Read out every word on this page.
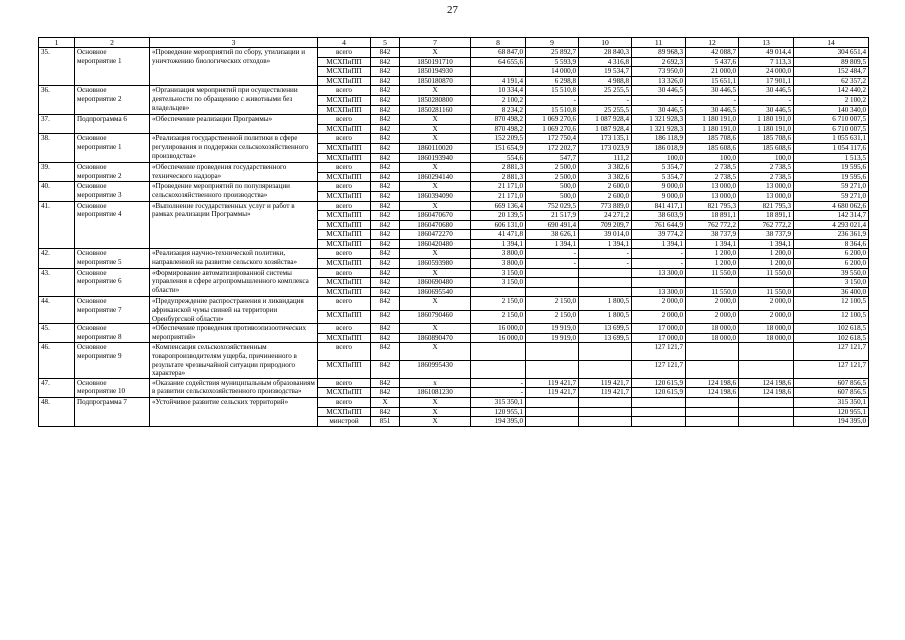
27
1	2	3	4	5	7	8	9	10	11	12	13	14
35.	Основное мероприятие 1	«Проведение мероприятий по сбору, утилизации и уничтожению биологических отходов»	всего	842	Х	68 847,0	25 892,7	28 840,3	89 968,3	42 088,7	49 014,4	304 651,4
			МСХПиПП	842	1850191710	64 655,6	5 593,9	4 316,8	2 692,3	5 437,6	7 113,3	89 809,5
			МСХПиПП	842	1850194930		14 000,0	19 534,7	73 950,0	21 000,0	24 000,0	152 484,7
			МСХПиПП	842	1850180870	4 191,4	6 298,8	4 988,8	13 326,0	15 651,1	17 901,1	62 357,2
36.	Основное мероприятие 2	«Организация мероприятий при осуществлении деятельности по обращению с животными без владельцев»	всего	842	Х	10 334,4	15 510,8	25 255,5	30 446,5	30 446,5	30 446,5	142 440,2
			МСХПиПП	842	1850280800	2 100,2	-	-	-	-	-	2 100,2
			МСХПиПП	842	1850281160	8 234,2	15 510,8	25 255,5	30 446,5	30 446,5	30 446,5	140 340,0
37.	Подпрограмма 6	«Обеспечение реализации Программы»	всего	842	Х	870 498,2	1 069 270,6	1 087 928,4	1 321 928,3	1 180 191,0	1 180 191,0	6 710 007,5
			МСХПиПП	842	Х	870 498,2	1 069 270,6	1 087 928,4	1 321 928,3	1 180 191,0	1 180 191,0	6 710 007,5
38.	Основное мероприятие 1	«Реализация государственной политики в сфере регулирования и поддержки сельскохозяйственного производства»	всего	842	Х	152 209,5	172 750,4	173 135,1	186 118,9	185 708,6	185 708,6	1 055 631,1
			МСХПиПП	842	1860110020	151 654,9	172 202,7	173 023,9	186 018,9	185 608,6	185 608,6	1 054 117,6
			МСХПиПП	842	1860193940	554,6	547,7	111,2	100,0	100,0	100,0	1 513,5
39.	Основное мероприятие 2	«Обеспечение проведения государственного технического надзора»	всего	842	Х	2 881,3	2 500,0	3 382,6	5 354,7	2 738,5	2 738,5	19 595,6
			МСХПиПП	842	1860294140	2 881,3	2 500,0	3 382,6	5 354,7	2 738,5	2 738,5	19 595,6
40.	Основное мероприятие 3	«Проведение мероприятий по популяризации сельскохозяйственного производства»	всего	842	Х	21 171,0	500,0	2 600,0	9 000,0	13 000,0	13 000,0	59 271,0
			МСХПиПП	842	1860394090	21 171,0	500,0	2 600,0	9 000,0	13 000,0	13 000,0	59 271,0
41.	Основное мероприятие 4	«Выполнение государственных услуг и работ в рамках реализации Программы»	всего	842	Х	669 136,4	752 029,5	773 889,0	841 417,1	821 795,3	821 795,3	4 680 062,6
			МСХПиПП	842	1860470670	20 139,5	21 517,9	24 271,2	38 603,9	18 891,1	18 891,1	142 314,7
			МСХПиПП	842	1860470680	606 131,0	690 491,4	709 209,7	761 644,9	762 772,2	762 772,2	4 293 021,4
			МСХПиПП	842	1860472270	41 471,8	38 626,1	39 014,0	39 774,2	38 737,9	38 737,9	236 361,9
			МСХПиПП	842	1860420480	1 394,1	1 394,1	1 394,1	1 394,1	1 394,1	1 394,1	8 364,6
42.	Основное мероприятие 5	«Реализация научно-технической политики, направленной на развитие сельского хозяйства»	всего	842	Х	3 800,0	-	-	-	1 200,0	1 200,0	6 200,0
			МСХПиПП	842	1860593980	3 800,0	-	-	-	1 200,0	1 200,0	6 200,0
43.	Основное мероприятие 6	«Формирование автоматизированной системы управления в сфере агропромышленного комплекса области»	всего	842	Х	3 150,0			13 300,0	11 550,0	11 550,0	39 550,0
			МСХПиПП	842	1860690480	3 150,0						3 150,0
			МСХПиПП	842	1860695540				13 300,0	11 550,0	11 550,0	36 400,0
44.	Основное мероприятие 7	«Предупреждение распространения и ликвидация африканской чумы свиней на территории Оренбургской области»	всего	842	Х	2 150,0	2 150,0	1 800,5	2 000,0	2 000,0	2 000,0	12 100,5
			МСХПиПП	842	1860790460	2 150,0	2 150,0	1 800,5	2 000,0	2 000,0	2 000,0	12 100,5
45.	Основное мероприятие 8	«Обеспечение проведения противоэпизоотических мероприятий»	всего	842	Х	16 000,0	19 919,0	13 699,5	17 000,0	18 000,0	18 000,0	102 618,5
			МСХПиПП	842	1860890470	16 000,0	19 919,0	13 699,5	17 000,0	18 000,0	18 000,0	102 618,5
46.	Основное мероприятие 9	«Компенсация сельскохозяйственным товаропроизводителям ущерба, причиненного в результате чрезвычайной ситуации природного характера»	всего	842	Х				127 121,7			127 121,7
			МСХПиПП	842	1860995430				127 121,7			127 121,7
47.	Основное мероприятие 10	«Оказание содействия муниципальным образованиям в развитии сельскохозяйственного производства»	всего	842	х	-	119 421,7	119 421,7	120 615,9	124 198,6	124 198,6	607 856,5
			МСХПиПП	842	1861081230	-	119 421,7	119 421,7	120 615,9	124 198,6	124 198,6	607 856,5
48.	Подпрограмма 7	«Устойчивое развитие сельских территорий»	всего	Х	Х	315 350,1						315 350,1
			МСХПиПП	842	Х	120 955,1						120 955,1
			минстрой	851	Х	194 395,0						194 395,0
